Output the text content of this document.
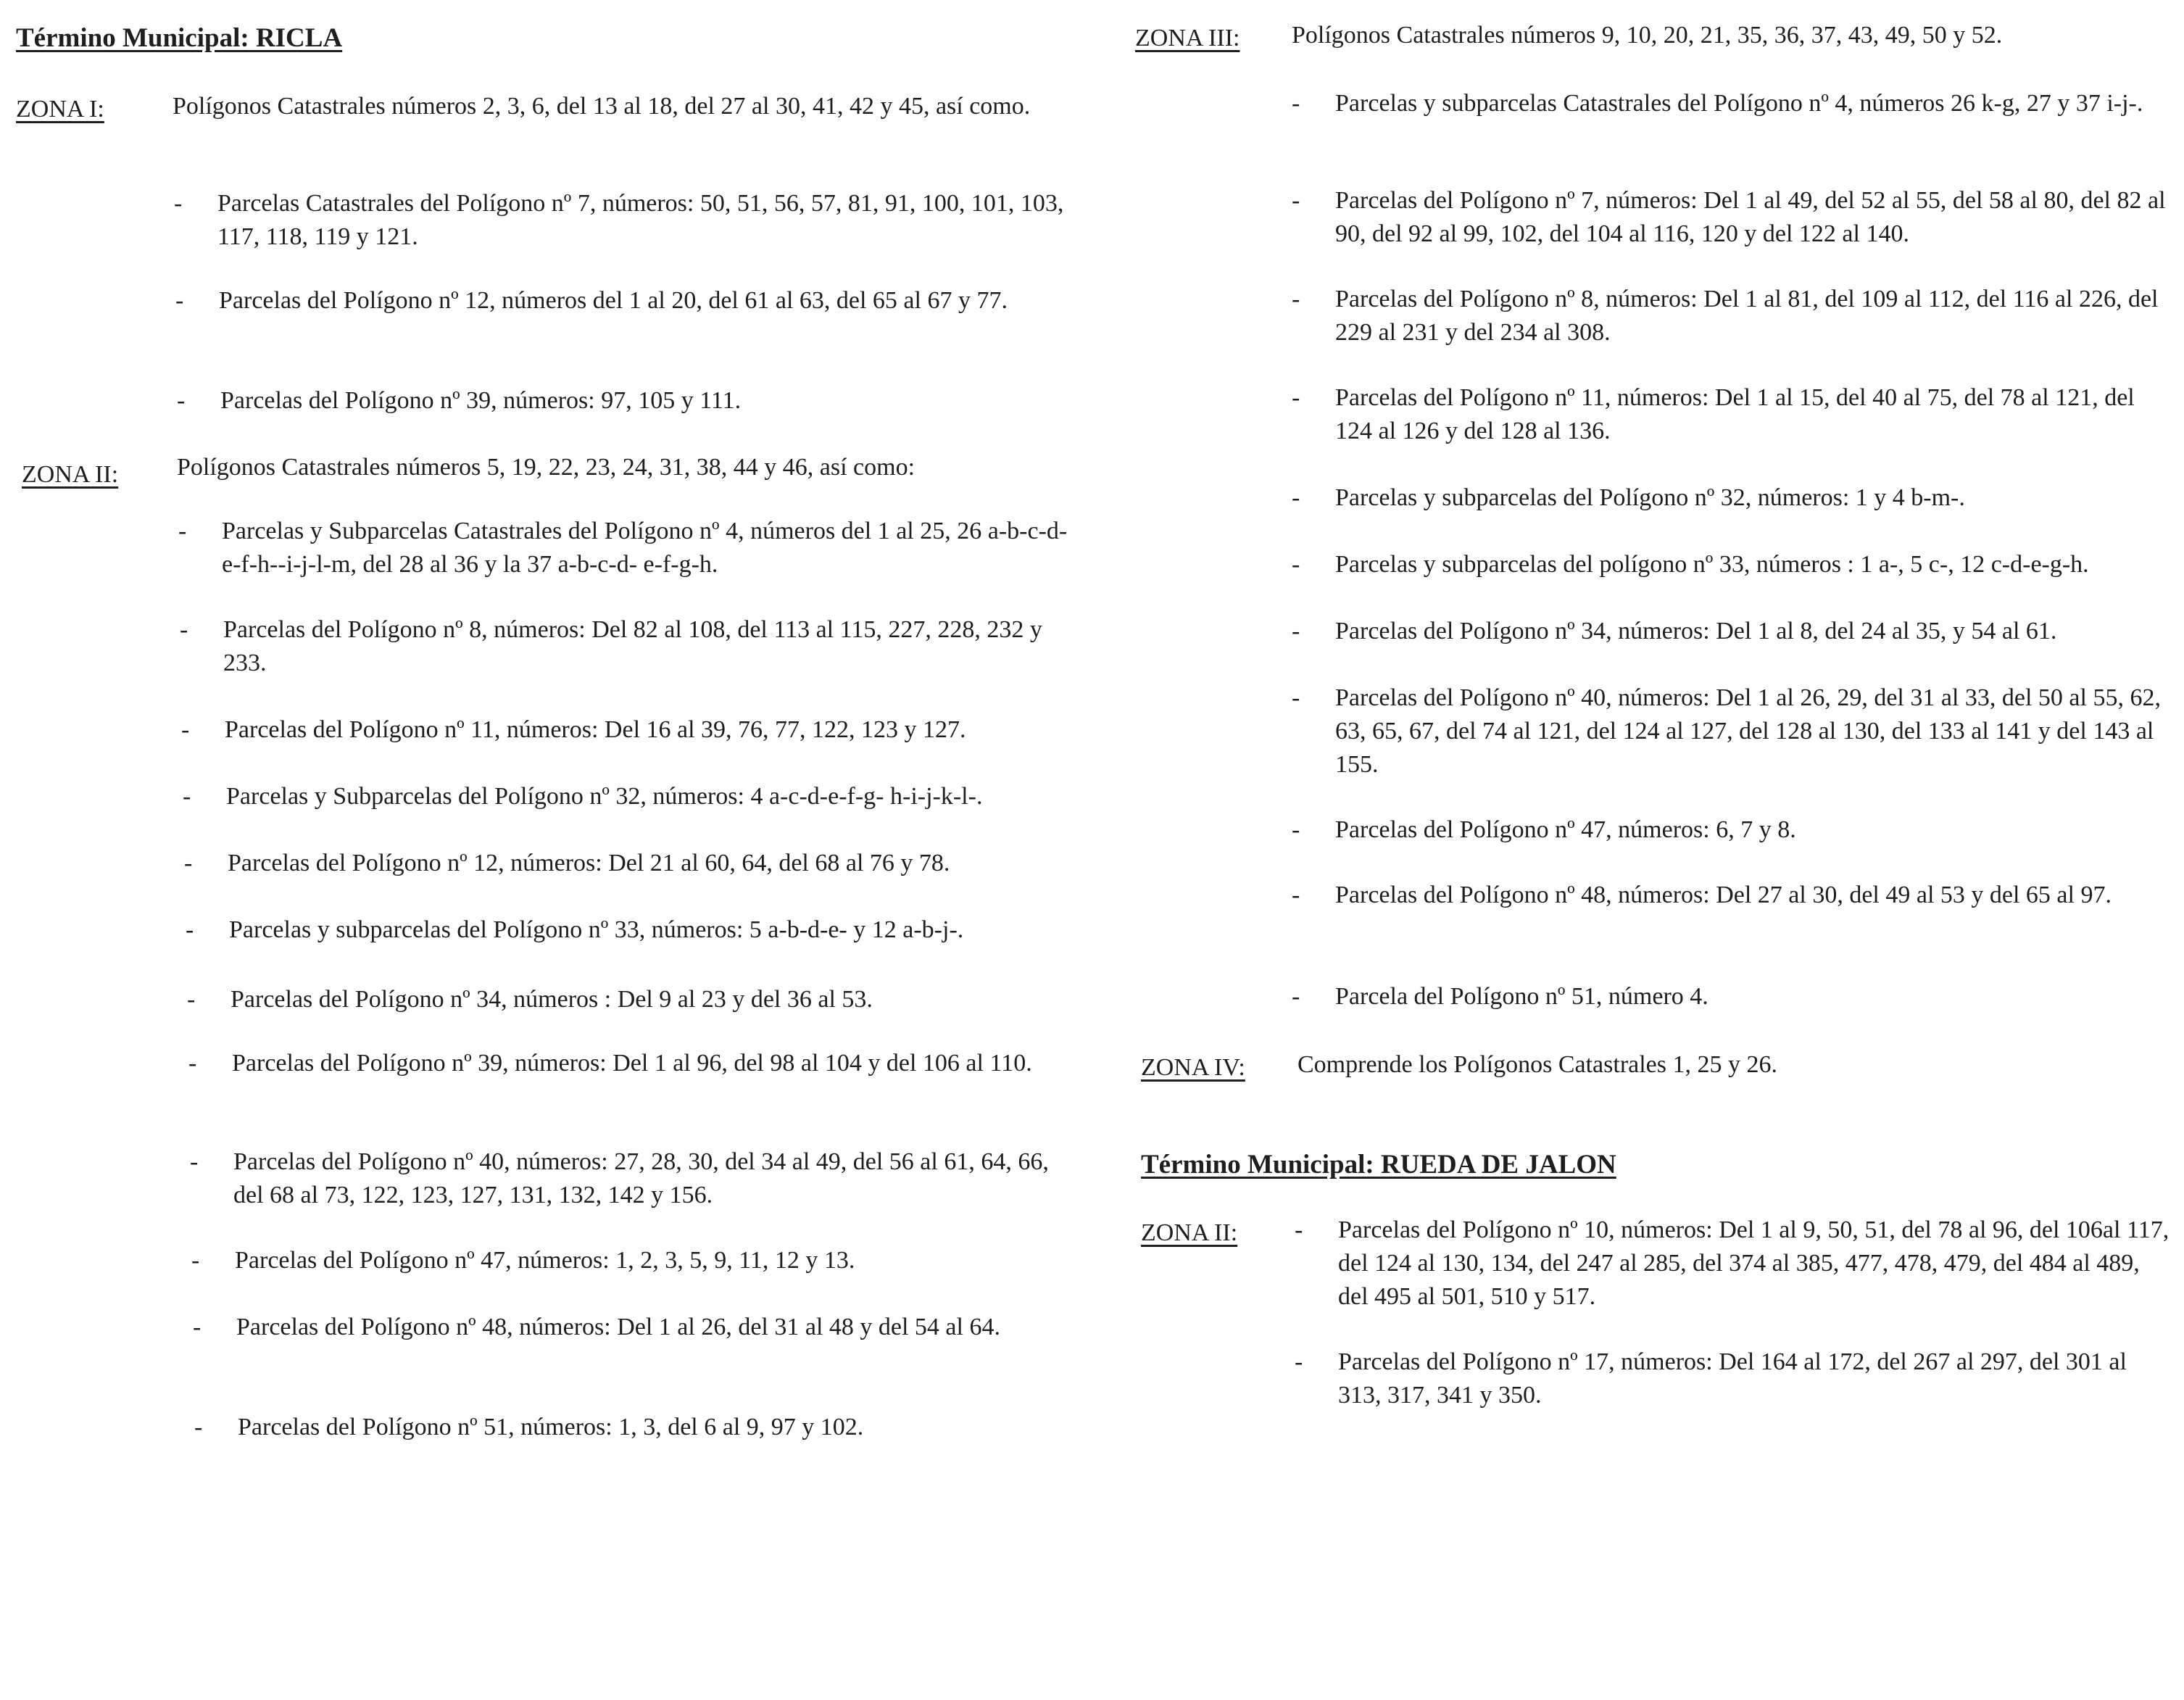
Término Municipal: RICLA
ZONA I:	Polígonos Catastrales números 2, 3, 6, del 13 al 18, del 27 al 30, 41, 42 y 45, así como.
- Parcelas Catastrales del Polígono nº 7, números: 50, 51, 56, 57, 81, 91, 100, 101, 103, 117, 118, 119 y 121.
- Parcelas del Polígono nº 12, números del 1 al 20, del 61 al 63, del 65 al 67 y 77.
- Parcelas del Polígono nº 39, números: 97, 105 y 111.
ZONA II: Polígonos Catastrales números 5, 19, 22, 23, 24, 31, 38, 44 y 46, así como:
- Parcelas y Subparcelas Catastrales del Polígono nº 4, números del 1 al 25, 26 a-b-c-d-e-f-h--i-j-l-m, del 28 al 36 y la 37 a-b-c-d- e-f-g-h.
- Parcelas del Polígono nº 8, números: Del 82 al 108, del 113 al 115, 227, 228, 232 y 233.
- Parcelas del Polígono nº 11, números: Del 16 al 39, 76, 77, 122, 123 y 127.
- Parcelas y Subparcelas del Polígono nº 32, números: 4 a-c-d-e-f-g- h-i-j-k-l-.
- Parcelas del Polígono nº 12, números: Del 21 al 60, 64, del 68 al 76 y 78.
- Parcelas y subparcelas del Polígono nº 33, números: 5 a-b-d-e- y 12 a-b-j-.
- Parcelas del Polígono nº 34, números : Del 9 al 23 y del 36 al 53.
- Parcelas del Polígono nº 39, números: Del 1 al 96, del 98 al 104 y del 106 al 110.
- Parcelas del Polígono nº 40, números: 27, 28, 30, del 34 al 49, del 56 al 61, 64, 66, del 68 al 73, 122, 123, 127, 131, 132, 142 y 156.
- Parcelas del Polígono nº 47, números: 1, 2, 3, 5, 9, 11, 12 y 13.
- Parcelas del Polígono nº 48, números: Del 1 al 26, del 31 al 48 y del 54 al 64.
- Parcelas del Polígono nº 51, números: 1, 3, del 6 al 9, 97 y 102.
ZONA III: Polígonos Catastrales números 9, 10, 20, 21, 35, 36, 37, 43, 49, 50 y 52.
- Parcelas y subparcelas Catastrales del Polígono nº 4, números 26 k-g, 27 y 37 i-j-.
- Parcelas del Polígono nº 7, números: Del 1 al 49, del 52 al 55, del 58 al 80, del 82 al 90, del 92 al 99, 102, del 104 al 116, 120 y del 122 al 140.
- Parcelas del Polígono nº 8, números: Del 1 al 81, del 109 al 112, del 116 al 226, del 229 al 231 y del 234 al 308.
- Parcelas del Polígono nº 11, números: Del 1 al 15, del 40 al 75, del 78 al 121, del 124 al 126 y del 128 al 136.
- Parcelas y subparcelas del Polígono nº 32, números: 1 y 4 b-m-.
- Parcelas y subparcelas del polígono nº 33, números : 1 a-, 5 c-, 12 c-d-e-g-h.
- Parcelas del Polígono nº 34, números: Del 1 al 8, del 24 al 35, y 54 al 61.
- Parcelas del Polígono nº 40, números: Del 1 al 26, 29, del 31 al 33, del 50 al 55, 62, 63, 65, 67, del 74 al 121, del 124 al 127, del 128 al 130, del 133 al 141 y del 143 al 155.
- Parcelas del Polígono nº 47, números: 6, 7 y 8.
- Parcelas del Polígono nº 48, números: Del 27 al 30, del 49 al 53 y del 65 al 97.
- Parcela del Polígono nº 51, número 4.
ZONA IV: Comprende los Polígonos Catastrales 1, 25 y 26.
Término Municipal: RUEDA DE JALON
ZONA II: - Parcelas del Polígono nº 10, números: Del 1 al 9, 50, 51, del 78 al 96, del 106al 117, del 124 al 130, 134, del 247 al 285, del 374 al 385, 477, 478, 479, del 484 al 489, del 495 al 501, 510 y 517.
- Parcelas del Polígono nº 17, números: Del 164 al 172, del 267 al 297, del 301 al 313, 317, 341 y 350.
